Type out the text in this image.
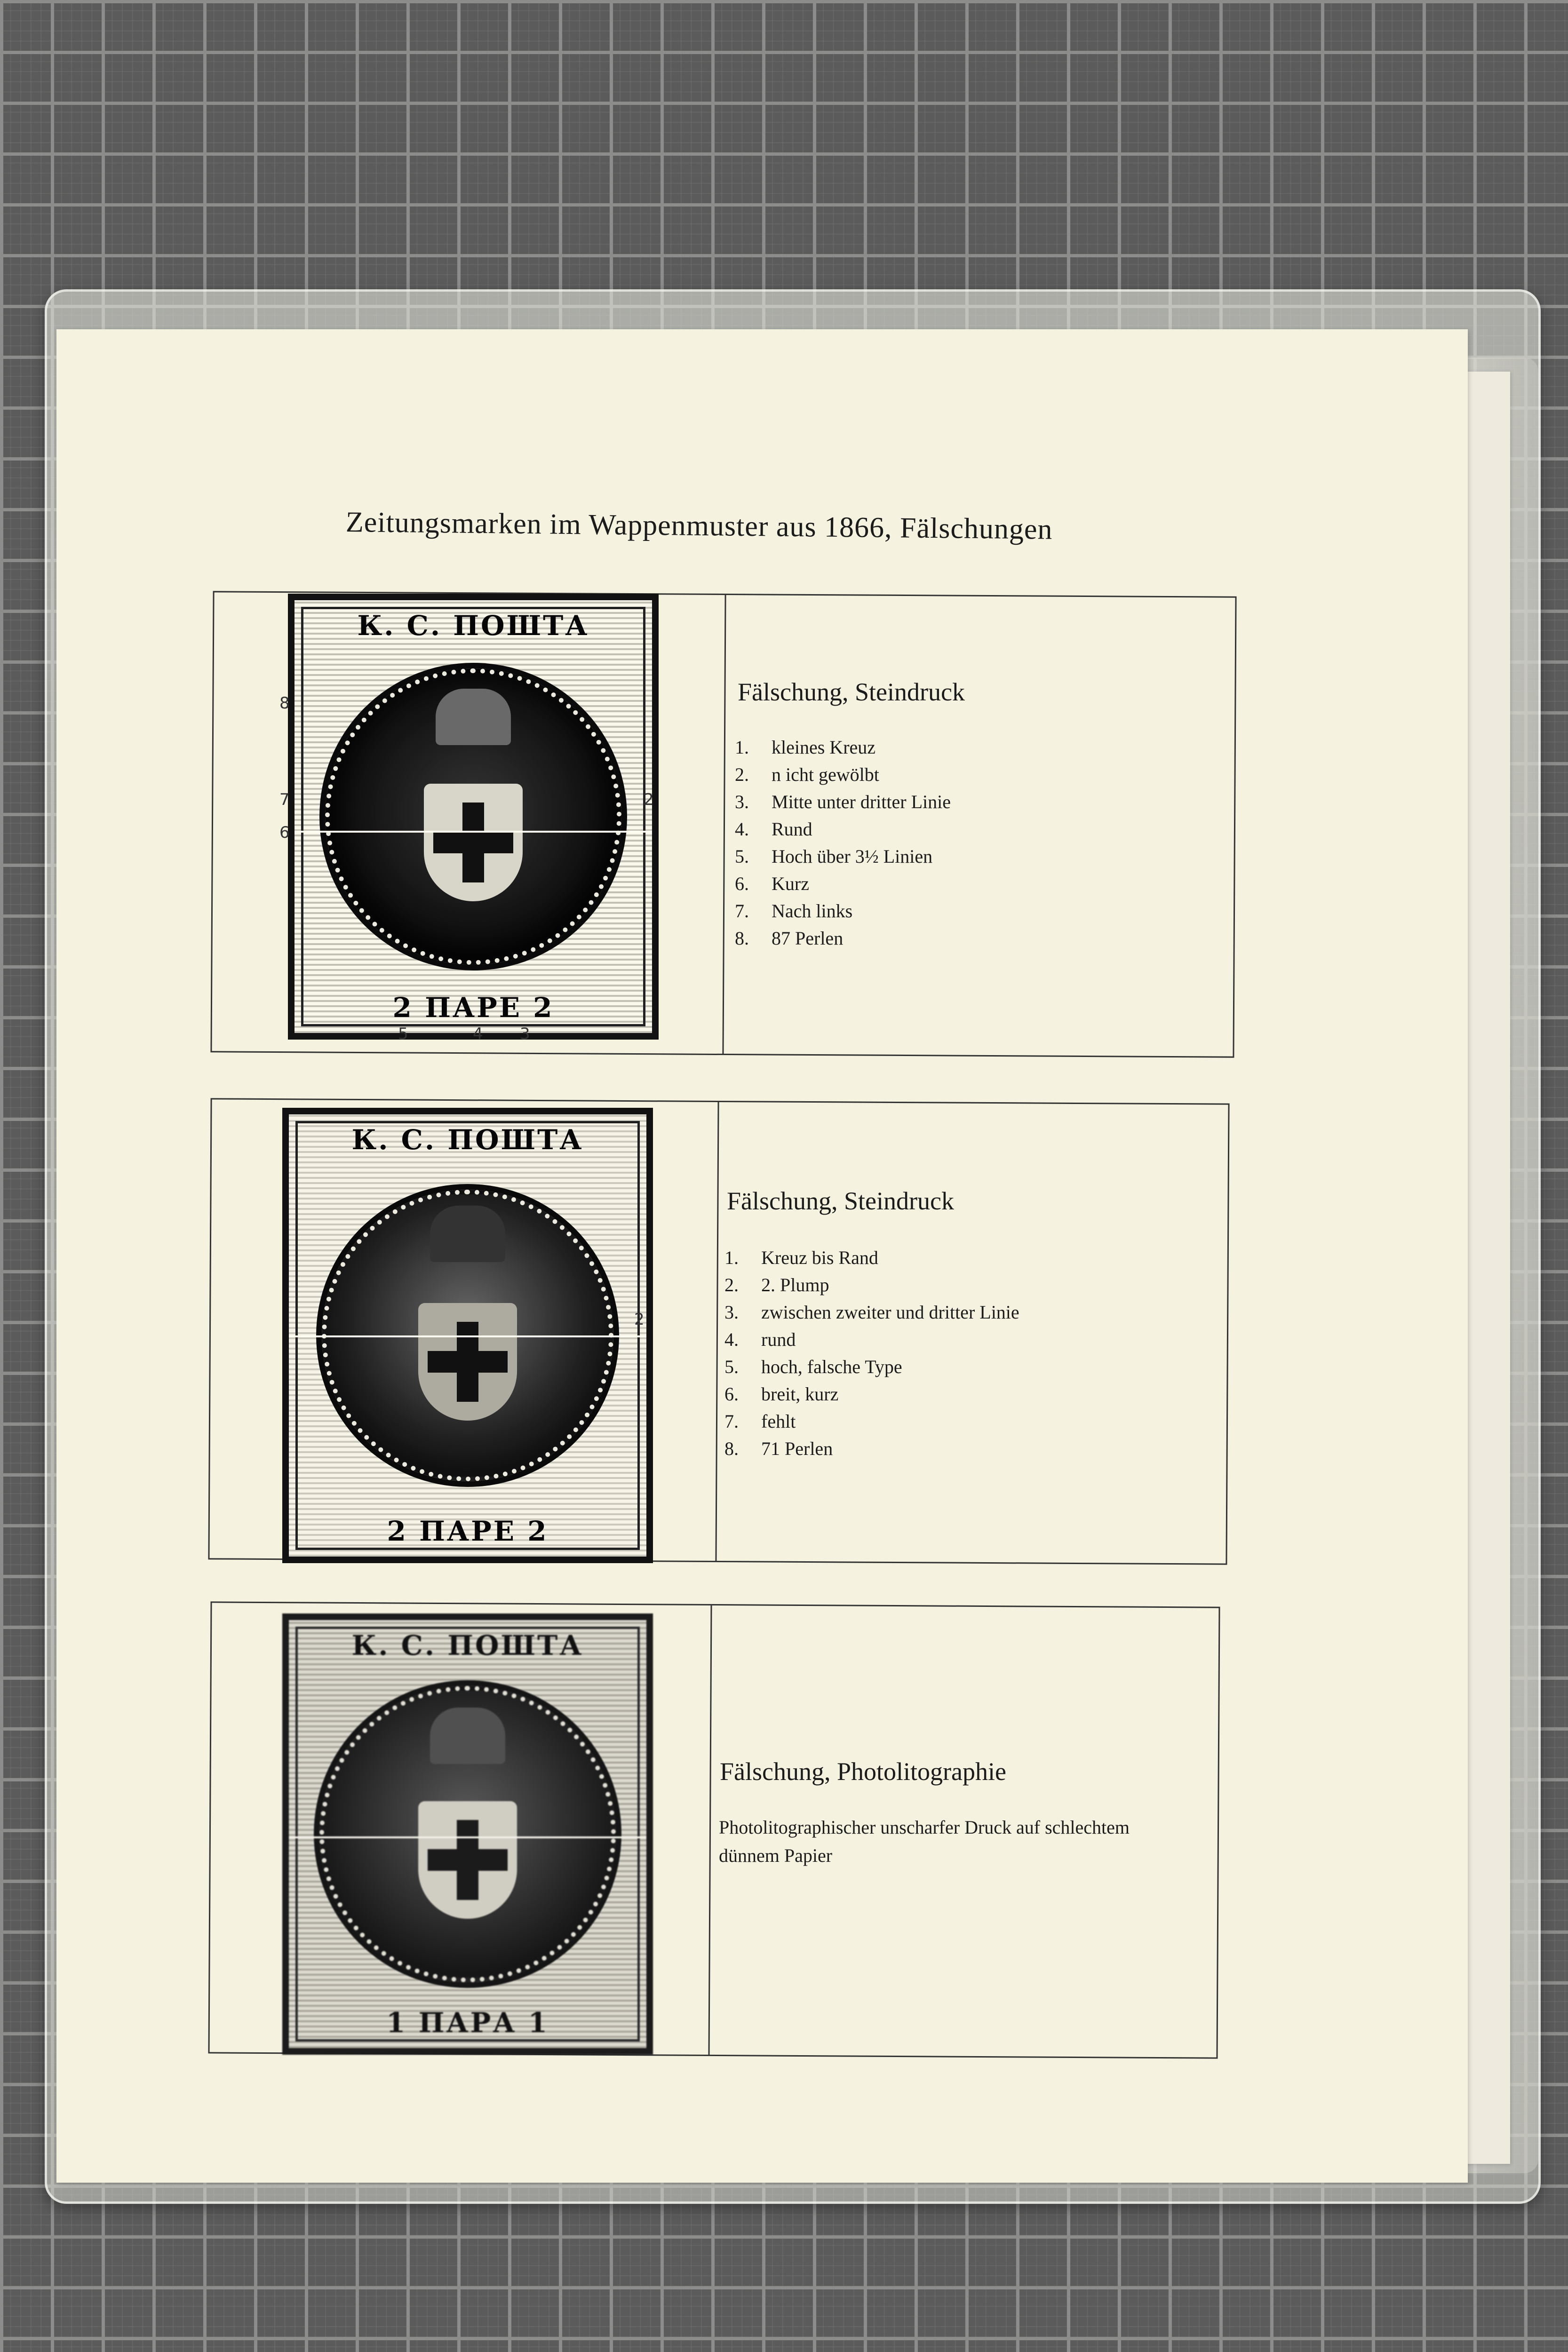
Zeitungsmarken im Wappenmuster aus 1866, Fälschungen
К. С. ПОШТА
2 ПАРЕ 2
8
7
6
2
5	4 3
Fälschung, Steindruck
1. kleines Kreuz
2. n icht gewölbt
3. Mitte unter dritter Linie
4. Rund
5. Hoch über 3½ Linien
6. Kurz
7. Nach links
8. 87 Perlen
К. С. ПОШТА
2 ПАРЕ 2
2
Fälschung, Steindruck
1. Kreuz bis Rand
2. 2. Plump
3. zwischen zweiter und dritter Linie
4. rund
5. hoch, falsche Type
6. breit, kurz
7. fehlt
8. 71 Perlen
К. С. ПОШТА
1 ПАРА 1
Fälschung, Photolitographie
Photolitographischer unscharfer Druck auf schlechtem dünnem Papier
